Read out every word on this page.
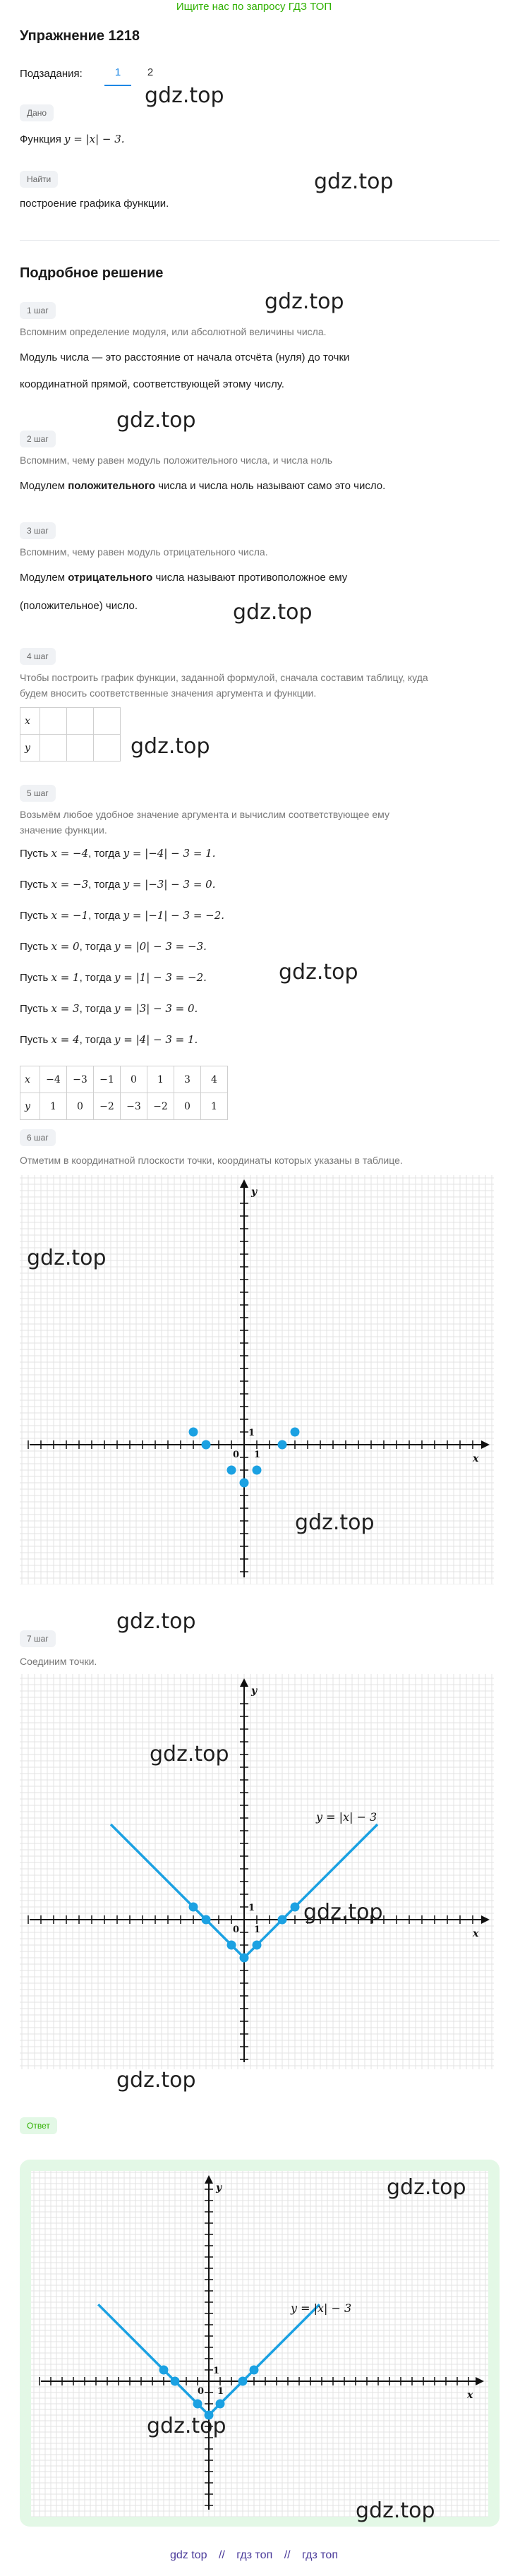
Ищите нас по запросу ГДЗ ТОП
Упражнение 1218
Подзадания:	1	2
Дано
gdz.top
Функция y = |x| − 3.
Найти	gdz.top
построение графика функции.
Подробное решение
gdz.top
1 шаг
Вспомним определение модуля, или абсолютной величины числа.
Модуль числа — это расстояние от начала отсчёта (нуля) до точки
координатной прямой, соответствующей этому числу.
gdz.top
2 шаг
Вспомним, чему равен модуль положительного числа, и числа ноль
Модулем положительного числа и числа ноль называют само это число.
3 шаг
Вспомним, чему равен модуль отрицательного числа.
Модулем отрицательного числа называют противоположное ему
(положительное) число.	gdz.top
4 шаг
Чтобы построить график функции, заданной формулой, сначала составим таблицу, куда
будем вносить соответственные значения аргумента и функции.
x			
y				gdz.top
5 шаг
Возьмём любое удобное значение аргумента и вычислим соответствующее ему
значение функции.
Пусть x = −4, тогда y = |−4| − 3 = 1.
Пусть x = −3, тогда y = |−3| − 3 = 0.
Пусть x = −1, тогда y = |−1| − 3 = −2.
Пусть x = 0, тогда y = |0| − 3 = −3.
Пусть x = 1, тогда y = |1| − 3 = −2.
Пусть x = 3, тогда y = |3| − 3 = 0.
Пусть x = 4, тогда y = |4| − 3 = 1.
gdz.top
x	−4	−3	−1	0	1	3	4
y	1	0	−2	−3	−2	0	1
6 шаг
Отметим в координатной плоскости точки, координаты которых указаны в таблице.
x
y
0 1
1
gdz.top
gdz.top
gdz.top
7 шаг
Соединим точки.
x
y
0 1
1
y = |x| − 3
gdz.top
gdz.top
gdz.top
Ответ
x
y
0 1
1
y = |x| − 3
gdz.top
gdz.top
gdz.top
gdz top // гдз топ // гдз топ
